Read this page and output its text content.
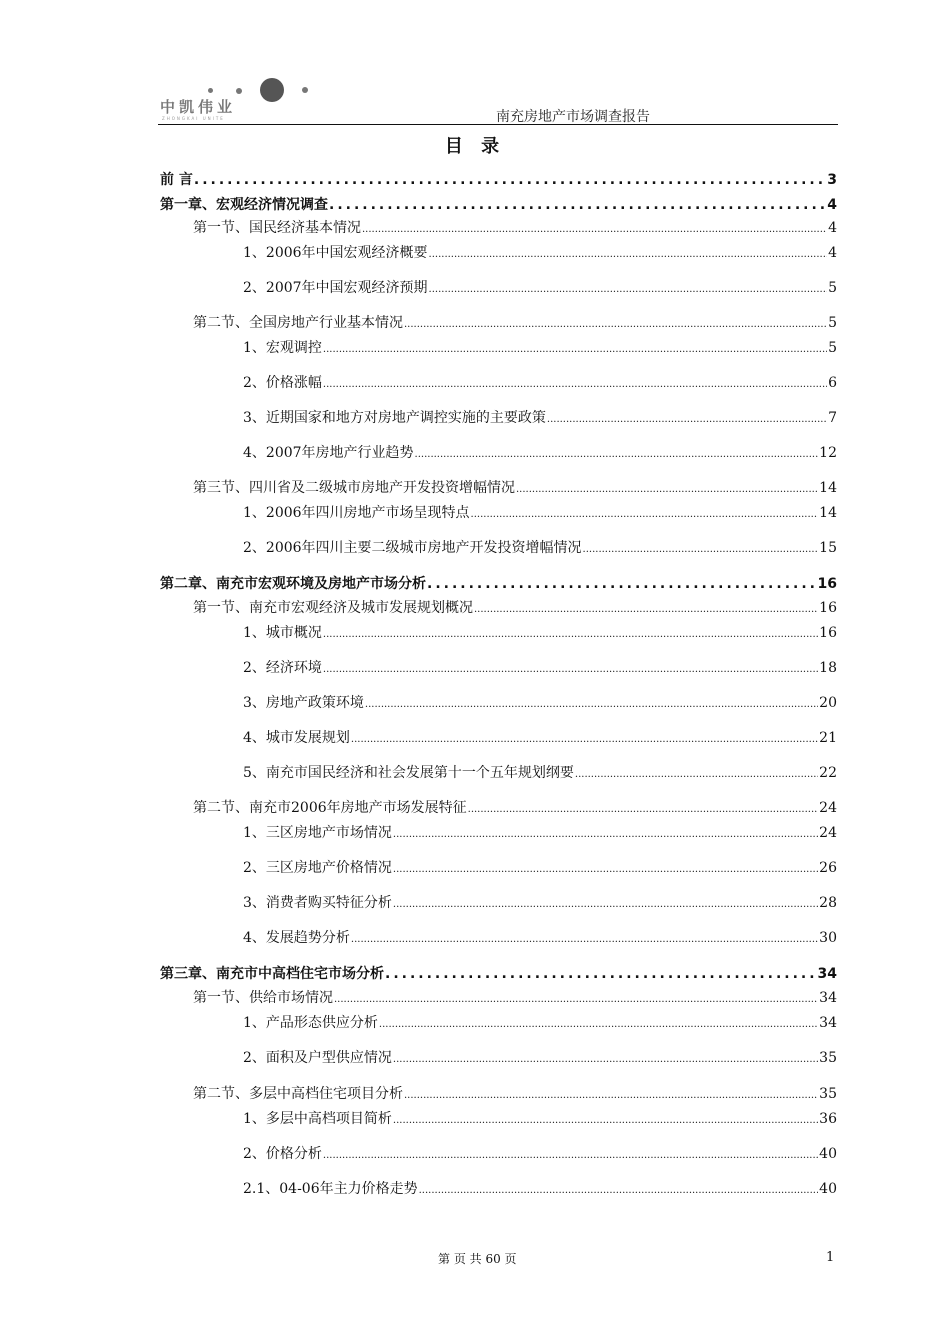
中凯伟业
ZHONGKAI UNITE	南充房地产市场调查报告
目 录
前 言 .....	3
第一章、宏观经济情况调查 .....	4
第一节、国民经济基本情况 .....	4
1、2006年中国宏观经济概要 .....	4
2、2007年中国宏观经济预期 .....	5
第二节、全国房地产行业基本情况 .....	5
1、宏观调控 .....	5
2、价格涨幅 .....	6
3、近期国家和地方对房地产调控实施的主要政策 .....	7
4、2007年房地产行业趋势 .....	12
第三节、四川省及二级城市房地产开发投资增幅情况 .....	14
1、2006年四川房地产市场呈现特点 .....	14
2、2006年四川主要二级城市房地产开发投资增幅情况 .....	15
第二章、南充市宏观环境及房地产市场分析 .....	16
第一节、南充市宏观经济及城市发展规划概况 .....	16
1、城市概况 .....	16
2、经济环境 .....	18
3、房地产政策环境 .....	20
4、城市发展规划 .....	21
5、南充市国民经济和社会发展第十一个五年规划纲要 .....	22
第二节、南充市2006年房地产市场发展特征 .....	24
1、三区房地产市场情况 .....	24
2、三区房地产价格情况 .....	26
3、消费者购买特征分析 .....	28
4、发展趋势分析 .....	30
第三章、南充市中高档住宅市场分析 .....	34
第一节、供给市场情况 .....	34
1、产品形态供应分析 .....	34
2、面积及户型供应情况 .....	35
第二节、多层中高档住宅项目分析 .....	35
1、多层中高档项目简析 .....	36
2、价格分析 .....	40
2.1、04-06年主力价格走势 .....	40
第 页 共 60 页	1
